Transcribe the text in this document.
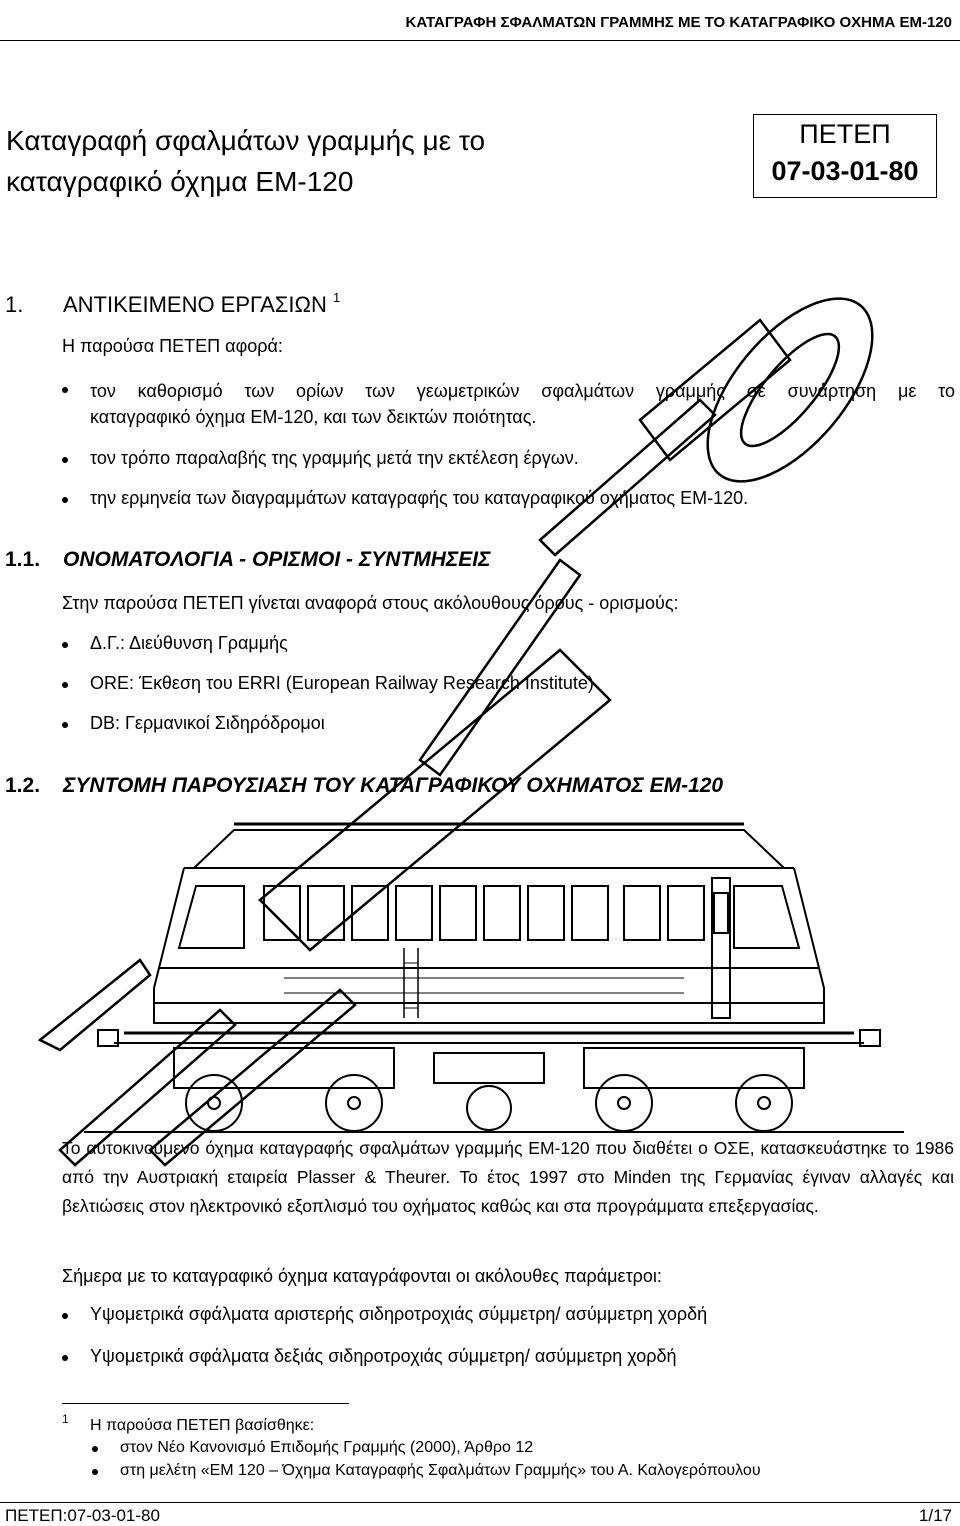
ΚΑΤΑΓΡΑΦΗ ΣΦΑΛΜΑΤΩΝ ΓΡΑΜΜΗΣ ΜΕ ΤΟ ΚΑΤΑΓΡΑΦΙΚΟ ΟΧΗΜΑ ΕΜ-120
Καταγραφή σφαλμάτων γραμμής με το
καταγραφικό όχημα ΕΜ-120
ΠΕΤΕΠ
07-03-01-80
1. ΑΝΤΙΚΕΙΜΕΝΟ ΕΡΓΑΣΙΩΝ $^1$
Η παρούσα ΠΕΤΕΠ αφορά:
τον καθορισμό των ορίων των γεωμετρικών σφαλμάτων γραμμής σε συνάρτηση με το
καταγραφικό όχημα ΕΜ-120, και των δεικτών ποιότητας.
τον τρόπο παραλαβής της γραμμής μετά την εκτέλεση έργων.
την ερμηνεία των διαγραμμάτων καταγραφής του καταγραφικού οχήματος ΕΜ-120.
1.1. ΟΝΟΜΑΤΟΛΟΓΙΑ - ΟΡΙΣΜΟΙ - ΣΥΝΤΜΗΣΕΙΣ
Στην παρούσα ΠΕΤΕΠ γίνεται αναφορά στους ακόλουθους όρους - ορισμούς:
Δ.Γ.: Διεύθυνση Γραμμής
ORE: Έκθεση του ERRI (European Railway Research Institute)
DB: Γερμανικοί Σιδηρόδρομοι
1.2. ΣΥΝΤΟΜΗ ΠΑΡΟΥΣΙΑΣΗ ΤΟΥ ΚΑΤΑΓΡΑΦΙΚΟΥ ΟΧΗΜΑΤΟΣ ΕΜ-120
Το αυτοκινούμενο όχημα καταγραφής σφαλμάτων γραμμής ΕΜ-120 που διαθέτει ο ΟΣΕ, κατασκευάστηκε το 1986 από την Αυστριακή εταιρεία Plasser & Theurer. Το έτος 1997 στο Minden της Γερμανίας έγιναν αλλαγές και βελτιώσεις στον ηλεκτρονικό εξοπλισμό του οχήματος καθώς και στα προγράμματα επεξεργασίας.
Σήμερα με το καταγραφικό όχημα καταγράφονται οι ακόλουθες παράμετροι:
Υψομετρικά σφάλματα αριστερής σιδηροτροχιάς σύμμετρη/ ασύμμετρη χορδή
Υψομετρικά σφάλματα δεξιάς σιδηροτροχιάς σύμμετρη/ ασύμμετρη χορδή
1 Η παρούσα ΠΕΤΕΠ βασίσθηκε:
στον Νέο Κανονισμό Επιδομής Γραμμής (2000), Άρθρο 12
στη μελέτη «ΕΜ 120 – Όχημα Καταγραφής Σφαλμάτων Γραμμής» του Α. Καλογερόπουλου
ΠΕΤΕΠ:07-03-01-80	1/17
